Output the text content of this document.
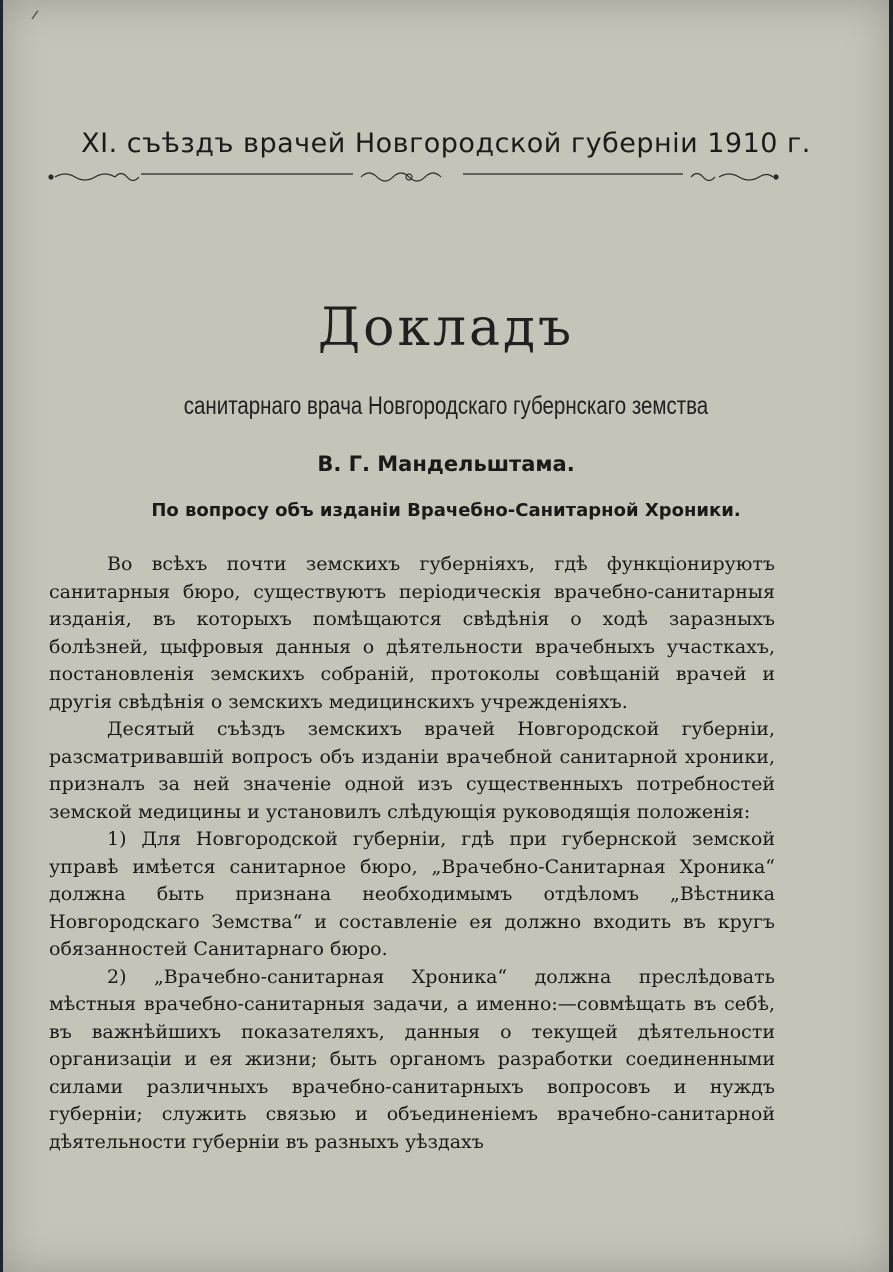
XI. съѣздъ врачей Новгородской губерніи 1910 г.
Докладъ
санитарнаго врача Новгородскаго губернскаго земства
В. Г. Мандельштама.
По вопросу объ изданіи Врачебно-Санитарной Хроники.

Во всѣхъ почти земскихъ губерніяхъ, гдѣ функціонируютъ санитарныя бюро, существуютъ періодическія врачебно-санитарныя изданія, въ которыхъ помѣщаются свѣдѣнія о ходѣ заразныхъ болѣзней, цыфровыя данныя о дѣятельности врачебныхъ участкахъ, постановленія земскихъ собраній, протоколы совѣщаній врачей и другія свѣдѣнія о земскихъ медицинскихъ учрежденіяхъ.

Десятый съѣздъ земскихъ врачей Новгородской губерніи, разсматривавшій вопросъ объ изданіи врачебной санитарной хроники, призналъ за ней значеніе одной изъ существенныхъ потребностей земской медицины и установилъ слѣдующія руководящія положенія:

1) Для Новгородской губерніи, гдѣ при губернской земской управѣ имѣется санитарное бюро, „Врачебно-Санитарная Хроника“ должна быть признана необходимымъ отдѣломъ „Вѣстника Новгородскаго Земства“ и составленіе ея должно входить въ кругъ обязанностей Санитарнаго бюро.

2) „Врачебно-санитарная Хроника“ должна преслѣдовать мѣстныя врачебно-санитарныя задачи, а именно:—совмѣщать въ себѣ, въ важнѣйшихъ показателяхъ, данныя о текущей дѣятельности организаціи и ея жизни; быть органомъ разработки соединенными силами различныхъ врачебно-санитарныхъ вопросовъ и нуждъ губерніи; служить связью и объединеніемъ врачебно-санитарной дѣятельности губерніи въ разныхъ уѣздахъ
